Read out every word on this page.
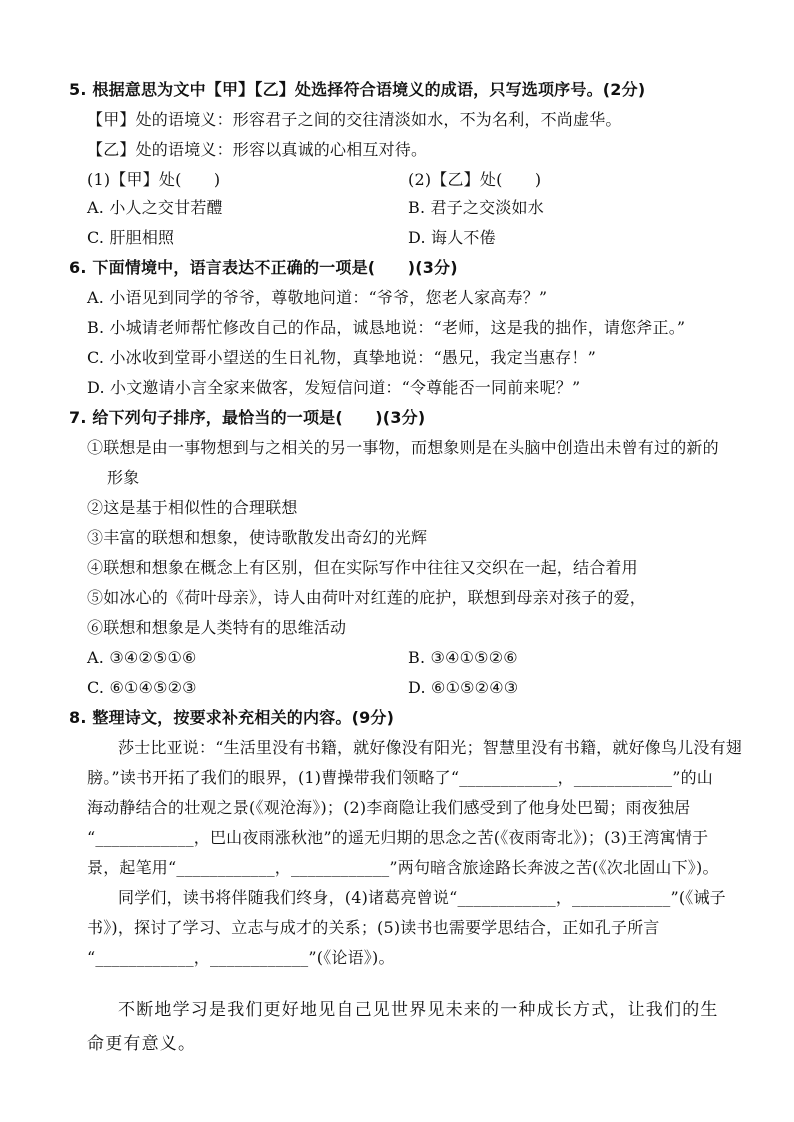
5. 根据意思为文中【甲】【乙】处选择符合语境义的成语，只写选项序号。(2分)
【甲】处的语境义：形容君子之间的交往清淡如水，不为名利，不尚虚华。
【乙】处的语境义：形容以真诚的心相互对待。
(1)【甲】处(　　)	(2)【乙】处(　　)
A. 小人之交甘若醴	B. 君子之交淡如水
C. 肝胆相照	D. 诲人不倦
6. 下面情境中，语言表达不正确的一项是(　　)(3分)
A. 小语见到同学的爷爷，尊敬地问道：“爷爷，您老人家高寿？”
B. 小城请老师帮忙修改自己的作品，诚恳地说：“老师，这是我的拙作，请您斧正。”
C. 小冰收到堂哥小望送的生日礼物，真挚地说：“愚兄，我定当惠存！”
D. 小文邀请小言全家来做客，发短信问道：“令尊能否一同前来呢？”
7. 给下列句子排序，最恰当的一项是(　　)(3分)
①联想是由一事物想到与之相关的另一事物，而想象则是在头脑中创造出未曾有过的新的
形象
②这是基于相似性的合理联想
③丰富的联想和想象，使诗歌散发出奇幻的光辉
④联想和想象在概念上有区别，但在实际写作中往往又交织在一起，结合着用
⑤如冰心的《荷叶母亲》，诗人由荷叶对红莲的庇护，联想到母亲对孩子的爱，
⑥联想和想象是人类特有的思维活动
A. ③④②⑤①⑥	B. ③④①⑤②⑥
C. ⑥①④⑤②③	D. ⑥①⑤②④③
8. 整理诗文，按要求补充相关的内容。(9分)
莎士比亚说：“生活里没有书籍，就好像没有阳光；智慧里没有书籍，就好像鸟儿没有翅
膀。”读书开拓了我们的眼界，(1)曹操带我们领略了“____________，____________”的山
海动静结合的壮观之景(《观沧海》)；(2)李商隐让我们感受到了他身处巴蜀；雨夜独居
“____________，巴山夜雨涨秋池”的遥无归期的思念之苦(《夜雨寄北》)；(3)王湾寓情于
景，起笔用“____________，____________”两句暗含旅途路长奔波之苦(《次北固山下》)。
同学们，读书将伴随我们终身，(4)诸葛亮曾说“____________，____________”(《诫子
书》)，探讨了学习、立志与成才的关系；(5)读书也需要学思结合，正如孔子所言
“____________，____________”(《论语》)。
不断地学习是我们更好地见自己见世界见未来的一种成长方式，让我们的生
命更有意义。
